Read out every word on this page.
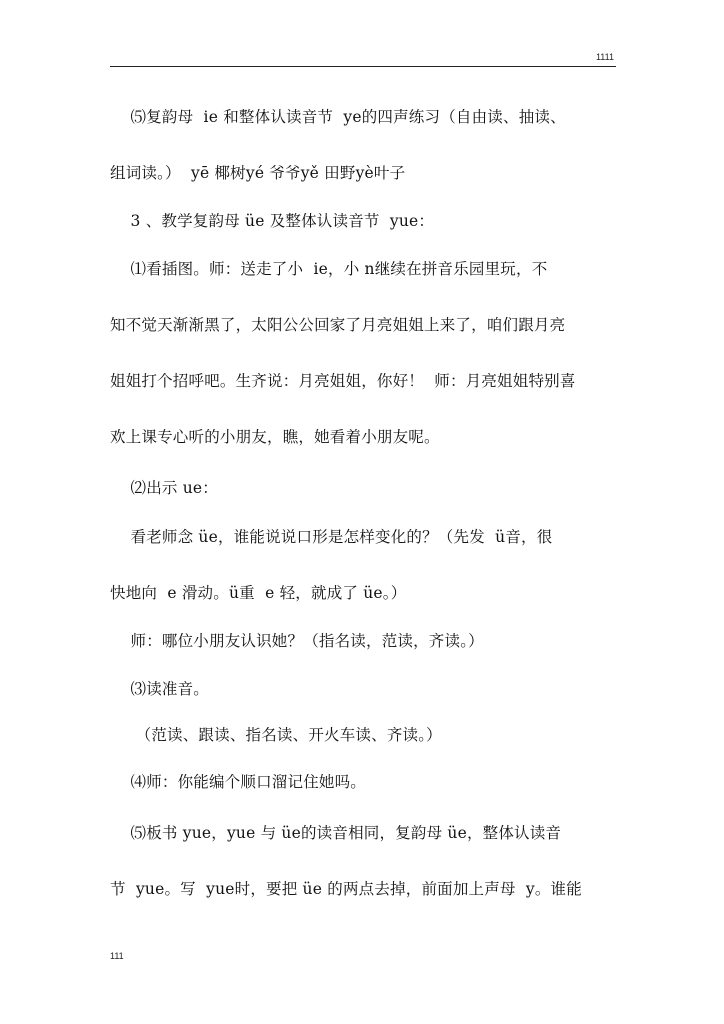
1111
⑸复韵母  ie 和整体认读音节  ye的四声练习（自由读、抽读、
组词读。）  yē 椰树yé 爷爷yě 田野yè叶子
3 、教学复韵母 üe 及整体认读音节  yue：
⑴看插图。师：送走了小  ie，小 n继续在拼音乐园里玩，不
知不觉天渐渐黑了，太阳公公回家了月亮姐姐上来了，咱们跟月亮
姐姐打个招呼吧。生齐说：月亮姐姐，你好！  师：月亮姐姐特别喜
欢上课专心听的小朋友，瞧，她看着小朋友呢。
⑵出示 ue：
看老师念 üe，谁能说说口形是怎样变化的？（先发  ü音，很
快地向  e 滑动。ü重  e 轻，就成了 üe。）
师：哪位小朋友认识她？（指名读，范读，齐读。）
⑶读准音。
（范读、跟读、指名读、开火车读、齐读。）
⑷师：你能编个顺口溜记住她吗。
⑸板书 yue，yue 与 üe的读音相同，复韵母 üe，整体认读音
节  yue。写  yue时，要把 üe 的两点去掉，前面加上声母  y。谁能
111
